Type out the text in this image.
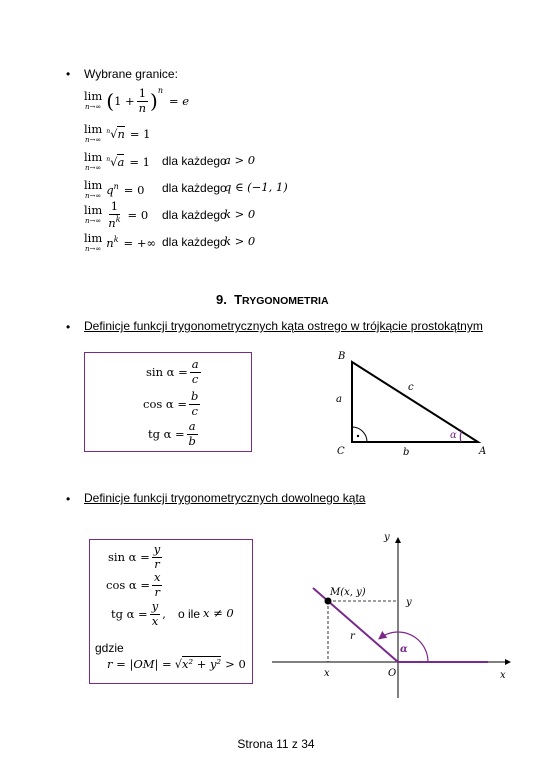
• Wybrane granice:
lim
n→∞ ( $1 + \frac{1}{n} )^n$
= e
lim
n→∞
$^n$√n = 1
lim
n→∞
$^n$√a = 1 dla każdego
a > 0
lim
n→∞ $q^n = 0$ dla każdego
q ∈ (−1, 1)
lim
$n\to\infty \frac{1}{n^k} = 0$ dla każdego
k > 0
lim
n→∞ $n^k$ = +∞ dla każdego
k > 0
9. TRYGONOMETRIA
• Definicje funkcji trygonometrycznych kąta ostrego w trójkącie prostokątnym
$\sin \alpha = \frac{a}{c}$
$\cos \alpha = \frac{b}{c}$
tg $\alpha = \frac{a}{b}$
B
C	A
a
b
c
α
• Definicje funkcji trygonometrycznych dowolnego kąta
$\sin \alpha = \frac{y}{r}$
$\cos \alpha = \frac{x}{r}$
tg $\alpha = \frac{y}{x}$ , o ile x ≠ 0
gdzie
r = |OM| = √x² + y² > 0
y
x
M(x, y)
y
x	O
r
α
Strona 11 z 34
